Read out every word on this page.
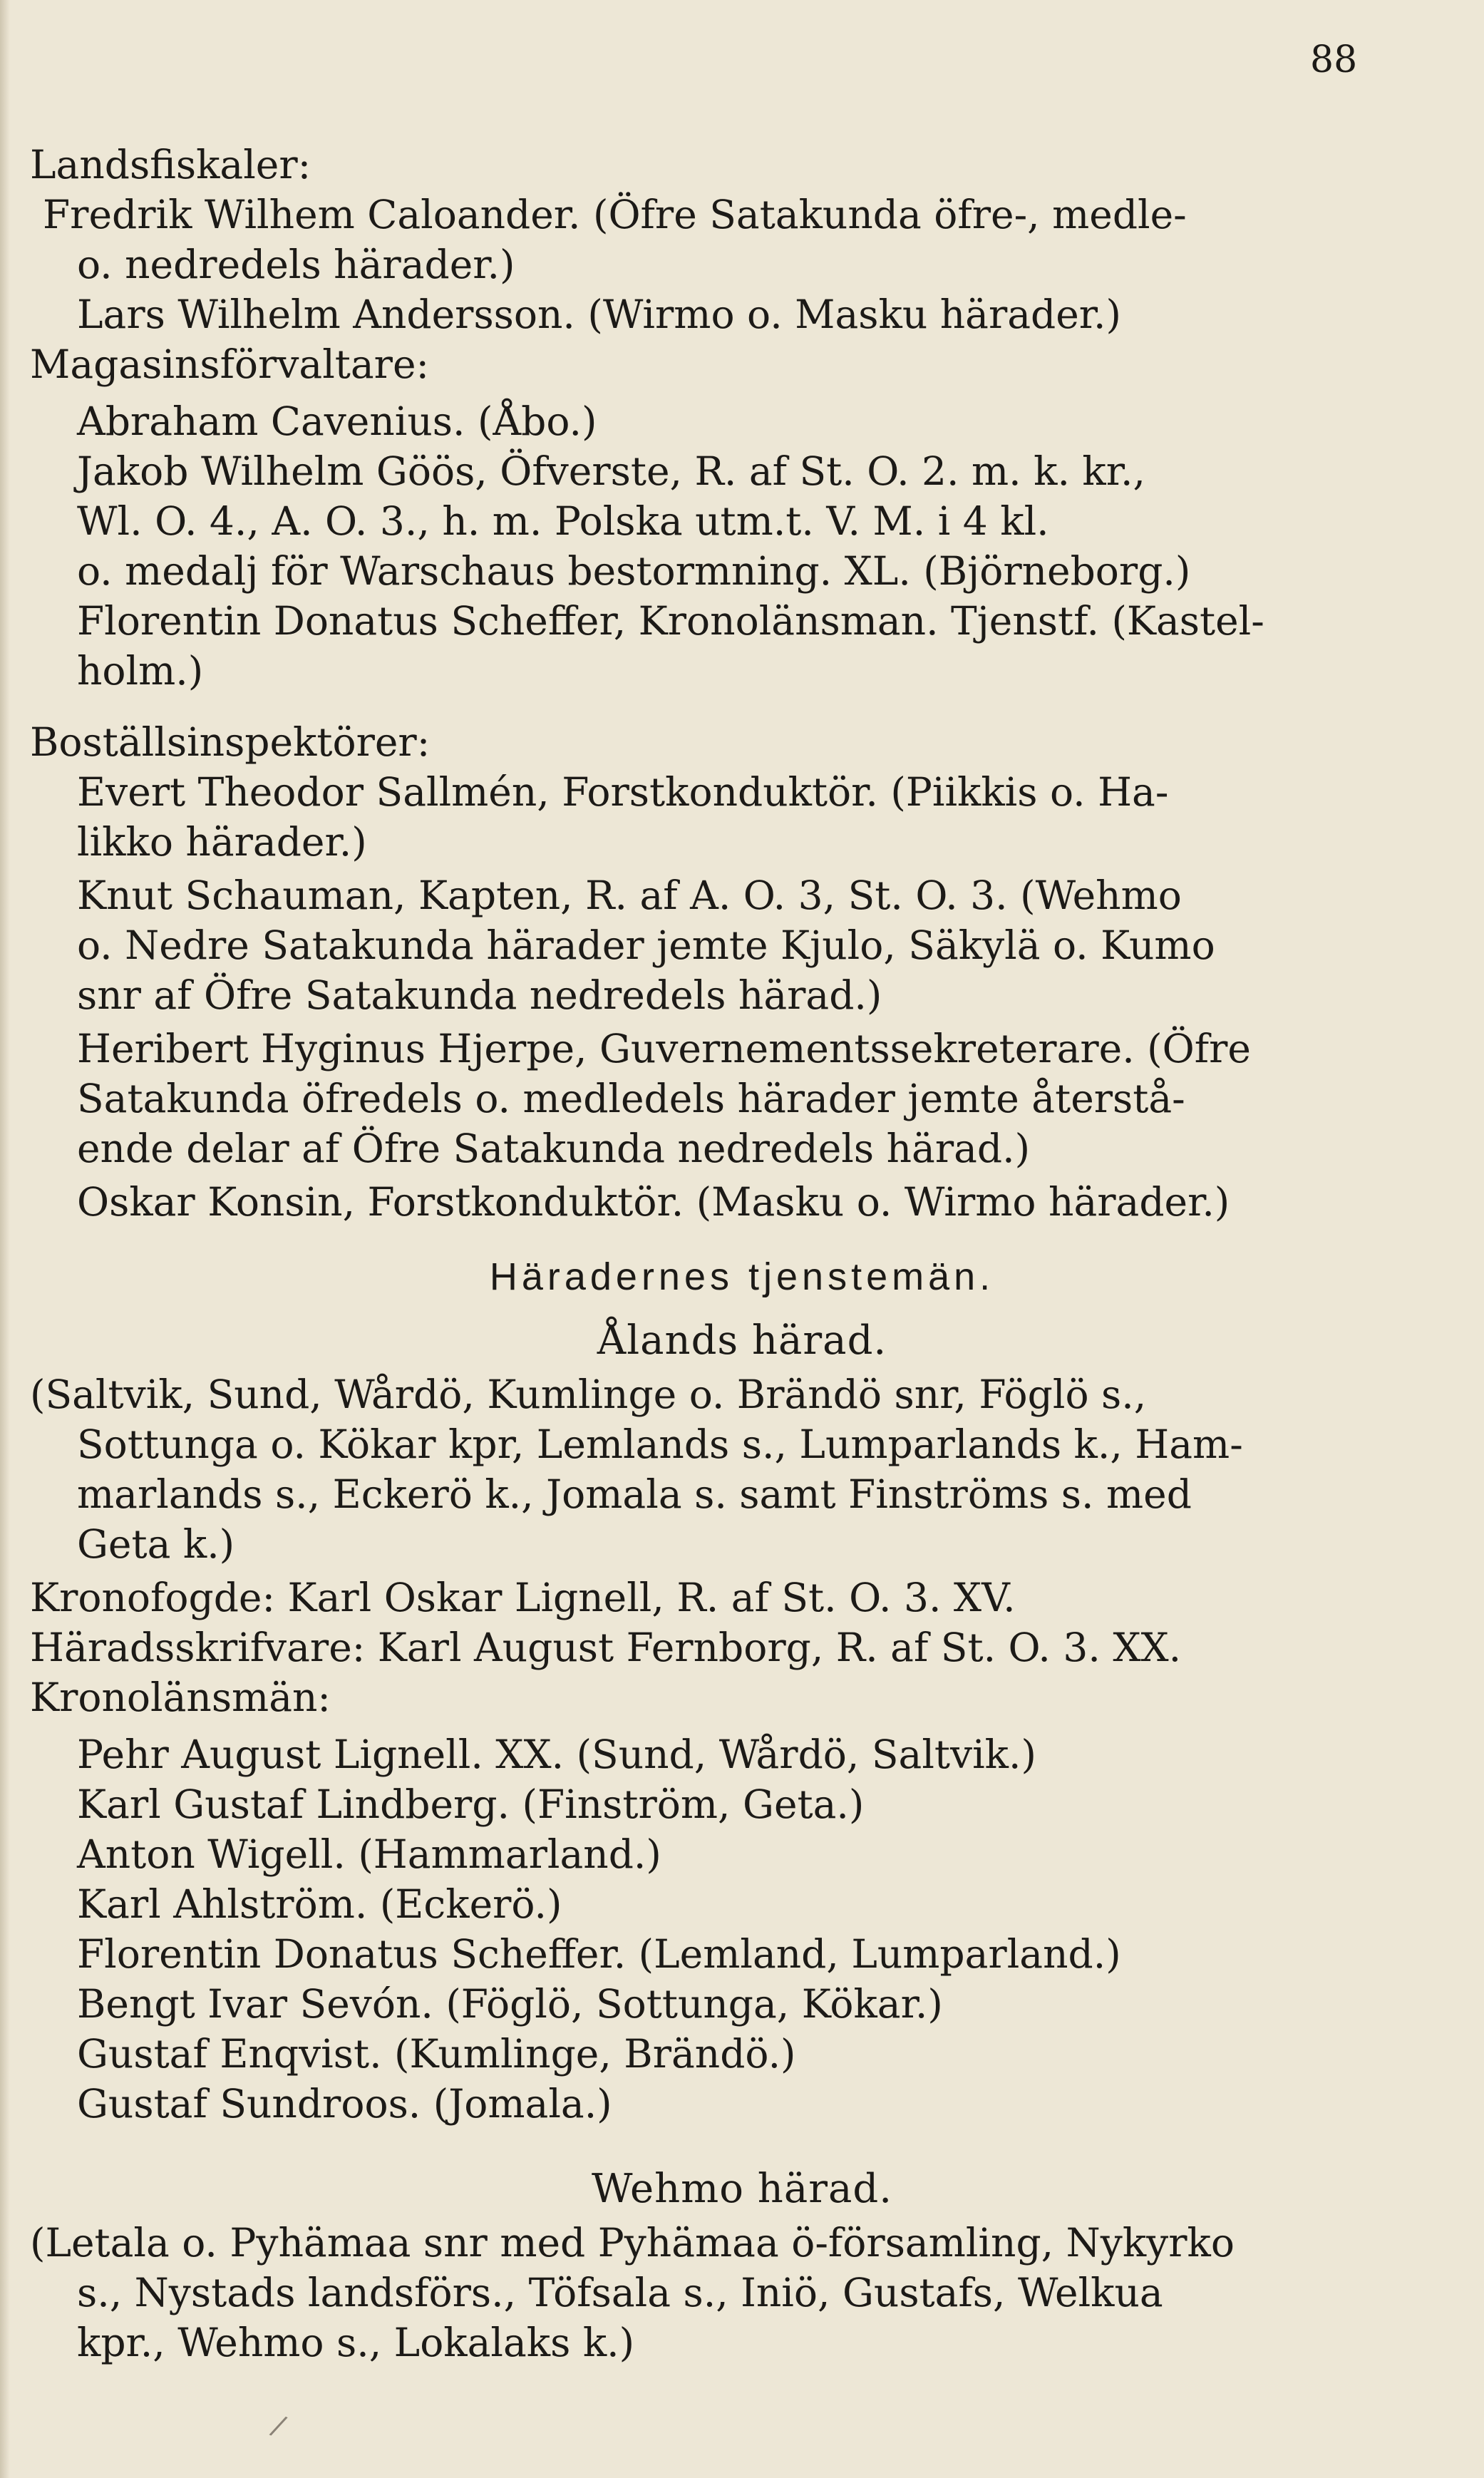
88
Landsfiskaler:
Fredrik Wilhem Caloander. (Öfre Satakunda öfre-, medle-
o. nedredels härader.)
Lars Wilhelm Andersson. (Wirmo o. Masku härader.)
Magasinsförvaltare:
Abraham Cavenius. (Åbo.)
Jakob Wilhelm Göös, Öfverste, R. af St. O. 2. m. k. kr.,
Wl. O. 4., A. O. 3., h. m. Polska utm.t. V. M. i 4 kl.
o. medalj för Warschaus bestormning. XL. (Björneborg.)
Florentin Donatus Scheffer, Kronolänsman. Tjenstf. (Kastel-
holm.)
Boställsinspektörer:
Evert Theodor Sallmén, Forstkonduktör. (Piikkis o. Ha-
likko härader.)
Knut Schauman, Kapten, R. af A. O. 3, St. O. 3. (Wehmo
o. Nedre Satakunda härader jemte Kjulo, Säkylä o. Kumo
snr af Öfre Satakunda nedredels härad.)
Heribert Hyginus Hjerpe, Guvernementssekreterare. (Öfre
Satakunda öfredels o. medledels härader jemte återstå-
ende delar af Öfre Satakunda nedredels härad.)
Oskar Konsin, Forstkonduktör. (Masku o. Wirmo härader.)
Häradernes tjenstemän.
Ålands härad.
(Saltvik, Sund, Wårdö, Kumlinge o. Brändö snr, Föglö s.,
Sottunga o. Kökar kpr, Lemlands s., Lumparlands k., Ham-
marlands s., Eckerö k., Jomala s. samt Finströms s. med
Geta k.)
Kronofogde: Karl Oskar Lignell, R. af St. O. 3. XV.
Häradsskrifvare: Karl August Fernborg, R. af St. O. 3. XX.
Kronolänsmän:
Pehr August Lignell. XX. (Sund, Wårdö, Saltvik.)
Karl Gustaf Lindberg. (Finström, Geta.)
Anton Wigell. (Hammarland.)
Karl Ahlström. (Eckerö.)
Florentin Donatus Scheffer. (Lemland, Lumparland.)
Bengt Ivar Sevón. (Föglö, Sottunga, Kökar.)
Gustaf Enqvist. (Kumlinge, Brändö.)
Gustaf Sundroos. (Jomala.)
Wehmo härad.
(Letala o. Pyhämaa snr med Pyhämaa ö-församling, Nykyrko
s., Nystads landsförs., Töfsala s., Iniö, Gustafs, Welkua
kpr., Wehmo s., Lokalaks k.)
/
